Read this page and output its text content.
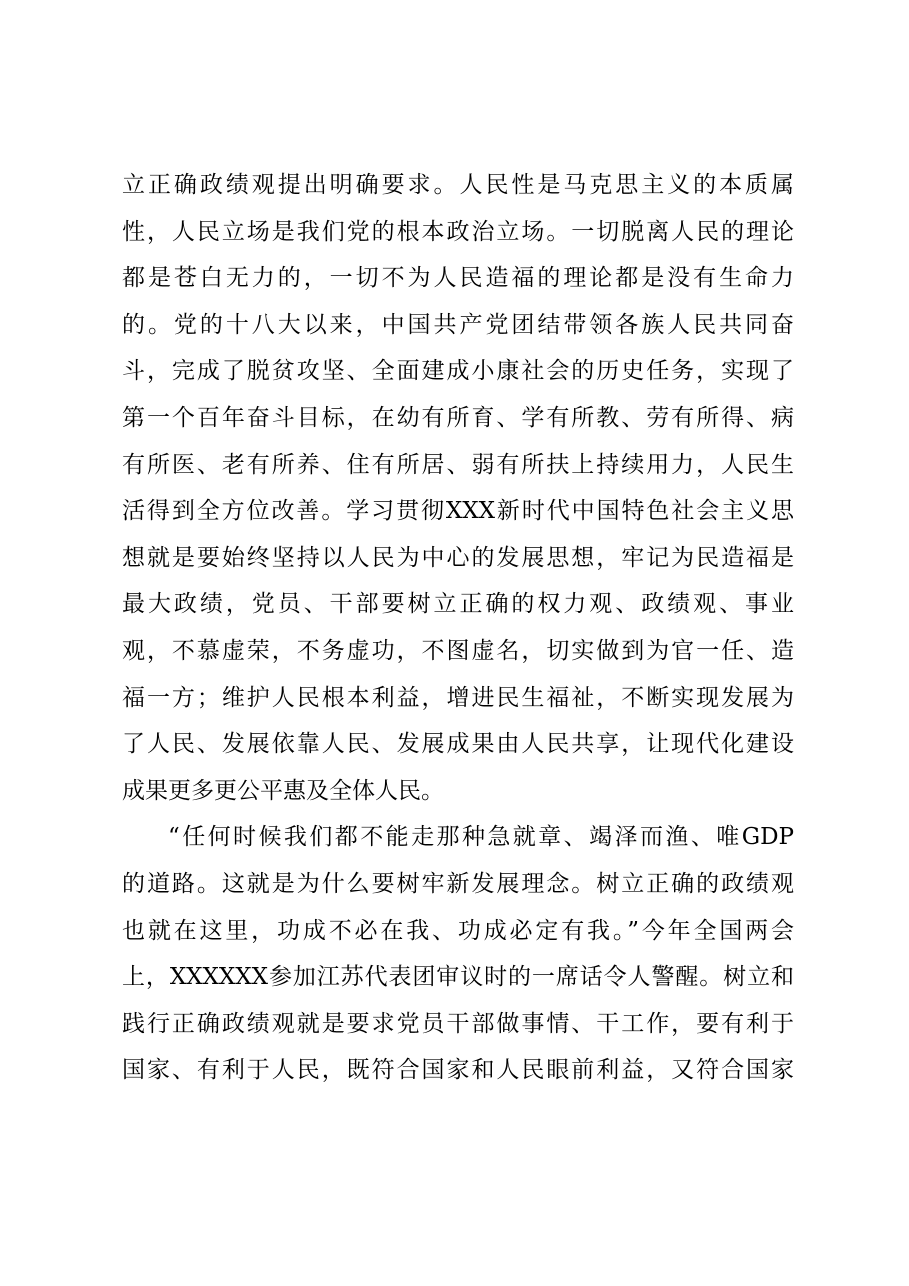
立正确政绩观提出明确要求。人民性是马克思主义的本质属
性，人民立场是我们党的根本政治立场。一切脱离人民的理论
都是苍白无力的，一切不为人民造福的理论都是没有生命力
的。党的十八大以来，中国共产党团结带领各族人民共同奋
斗，完成了脱贫攻坚、全面建成小康社会的历史任务，实现了
第一个百年奋斗目标，在幼有所育、学有所教、劳有所得、病
有所医、老有所养、住有所居、弱有所扶上持续用力，人民生
活得到全方位改善。学习贯彻XXX新时代中国特色社会主义思
想就是要始终坚持以人民为中心的发展思想，牢记为民造福是
最大政绩，党员、干部要树立正确的权力观、政绩观、事业
观，不慕虚荣，不务虚功，不图虚名，切实做到为官一任、造
福一方；维护人民根本利益，增进民生福祉，不断实现发展为
了人民、发展依靠人民、发展成果由人民共享，让现代化建设
成果更多更公平惠及全体人民。
“任何时候我们都不能走那种急就章、竭泽而渔、唯GDP
的道路。这就是为什么要树牢新发展理念。树立正确的政绩观
也就在这里，功成不必在我、功成必定有我。”今年全国两会
上，XXXXXX参加江苏代表团审议时的一席话令人警醒。树立和
践行正确政绩观就是要求党员干部做事情、干工作，要有利于
国家、有利于人民，既符合国家和人民眼前利益，又符合国家
